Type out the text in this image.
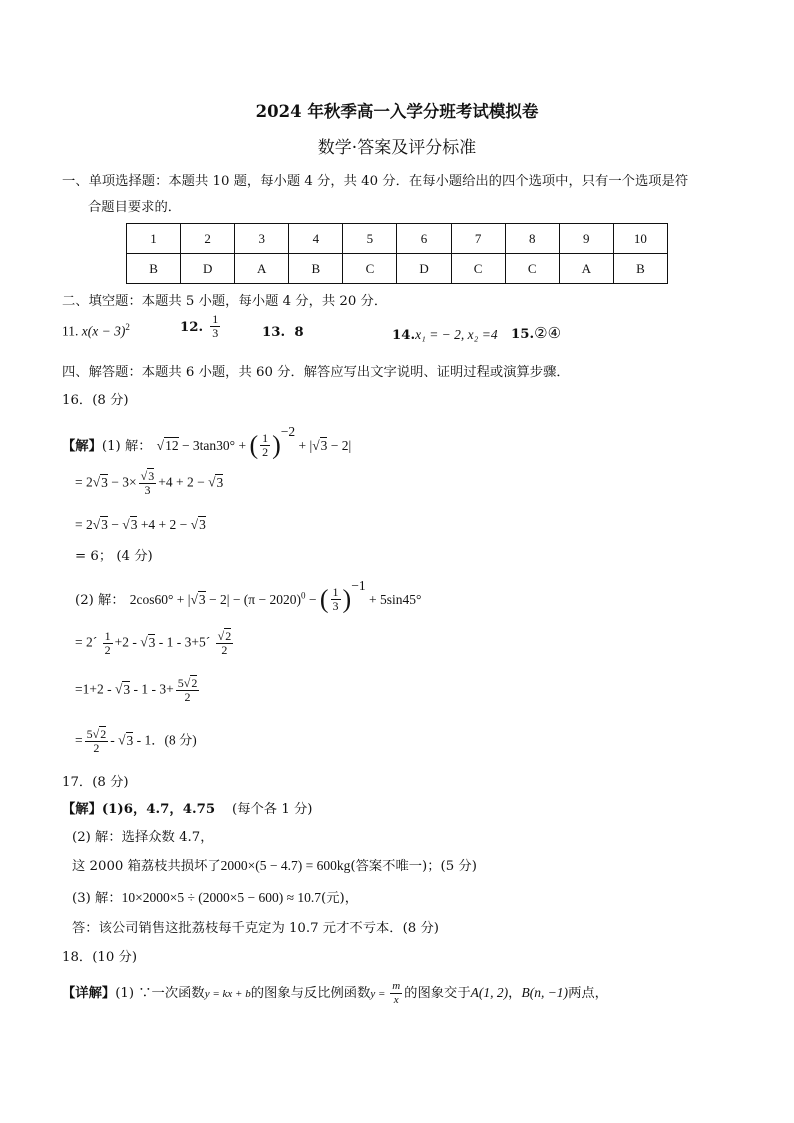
2024 年秋季高一入学分班考试模拟卷
数学·答案及评分标准
一、单项选择题：本题共 10 题，每小题 4 分，共 40 分．在每小题给出的四个选项中，只有一个选项是符
合题目要求的．
1	2	3	4	5	6	7	8	9	10
B	D	A	B	C	D	C	C	A	B
二、填空题：本题共 5 小题，每小题 4 分，共 20 分．
11. $x(x - 3)^2$	12. $\frac{1}{3}$	13. 8	14.x₁ = − 2, x₂ =4 15.②④
四、解答题：本题共 6 小题，共 60 分．解答应写出文字说明、证明过程或演算步骤．
16．(8 分)
【解】(1) 解： √12 − 3tan30° + ( $\frac{1}{2} )^{-2} + |√3 - 2|$
= $2√3 - 3\times \frac{√3}{3} +4 + 2 - √3$
= 2√3 − √3 +4 + 2 − √3
= 6； (4 分)
(2) 解： $2\cos 60^\circ + |√3 - 2| - (\pi - 2020)^0$ − ( $\frac{1}{3} )^{-1} + 5\sin 45^\circ$
= 2´ $\frac{1}{2} +2 - √3 - 1$ - 3+5´ $\frac{√2}{2}$
$=1+2 - √3 - 1 - 3+ \frac{5√2}{2}$
= $\frac{5√2}{2} - √3 - 1$．(8 分)
17．(8 分)
【解】(1)6，4.7，4.75 (每个各 1 分)
(2) 解：选择众数 4.7，
这 2000 箱荔枝共损坏了2000×(5 − 4.7) = 600kg(答案不唯一)；(5 分)
(3) 解：10×2000×5 ÷ (2000×5 − 600) ≈ 10.7(元)，
答：该公司销售这批荔枝每千克定为 10.7 元才不亏本．(8 分)
18．(10 分)
【详解】(1) ∵一次函数y = kx + b的图象与反比例函数$y = \frac{m}{x}$ 的图象交于A(1, 2)，B(n, −1)两点，
